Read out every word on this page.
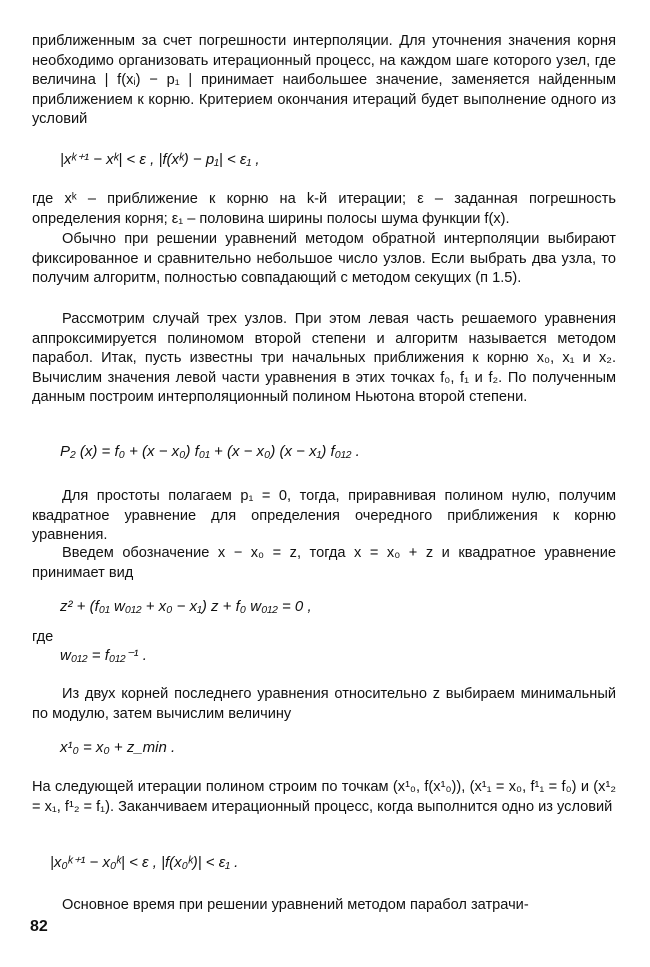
приближенным за счет погрешности интерполяции. Для уточнения значения корня необходимо организовать итерационный процесс, на каждом шаге которого узел, где величина | f(xᵢ) − p₁ | принимает наибольшее значение, заменяется найденным приближением к корню. Критерием окончания итераций будет выполнение одного из условий

|xᵏ⁺¹ − xᵏ| < ε , |f(xᵏ) − p₁| < ε₁ ,

где xᵏ – приближение к корню на k-й итерации; ε – заданная погрешность определения корня; ε₁ – половина ширины полосы шума функции f(x).

Обычно при решении уравнений методом обратной интерполяции выбирают фиксированное и сравнительно небольшое число узлов. Если выбрать два узла, то получим алгоритм, полностью совпадающий с методом секущих (п 1.5).

Рассмотрим случай трех узлов. При этом левая часть решаемого уравнения аппроксимируется полиномом второй степени и алгоритм называется методом парабол. Итак, пусть известны три начальных приближения к корню x₀, x₁ и x₂. Вычислим значения левой части уравнения в этих точках f₀, f₁ и f₂. По полученным данным построим интерполяционный полином Ньютона второй степени.

P₂ (x) = f₀ + (x − x₀) f₀₁ + (x − x₀) (x − x₁) f₀₁₂ .

Для простоты полагаем p₁ = 0, тогда, приравнивая полином нулю, получим квадратное уравнение для определения очередного приближения к корню уравнения.

Введем обозначение x − x₀ = z, тогда x = x₀ + z и квадратное уравнение принимает вид

z² + (f₀₁ w₀₁₂ + x₀ − x₁) z + f₀ w₀₁₂ = 0 ,
где
w₀₁₂ = f₀₁₂⁻¹ .

Из двух корней последнего уравнения относительно z выбираем минимальный по модулю, затем вычислим величину

x¹₀ = x₀ + z_min .

На следующей итерации полином строим по точкам (x¹₀, f(x¹₀)), (x¹₁ = x₀, f¹₁ = f₀) и (x¹₂ = x₁, f¹₂ = f₁). Заканчиваем итерационный процесс, когда выполнится одно из условий

|x₀ᵏ⁺¹ − x₀ᵏ| < ε , |f(x₀ᵏ)| < ε₁ .

Основное время при решении уравнений методом парабол затрачи-

82
